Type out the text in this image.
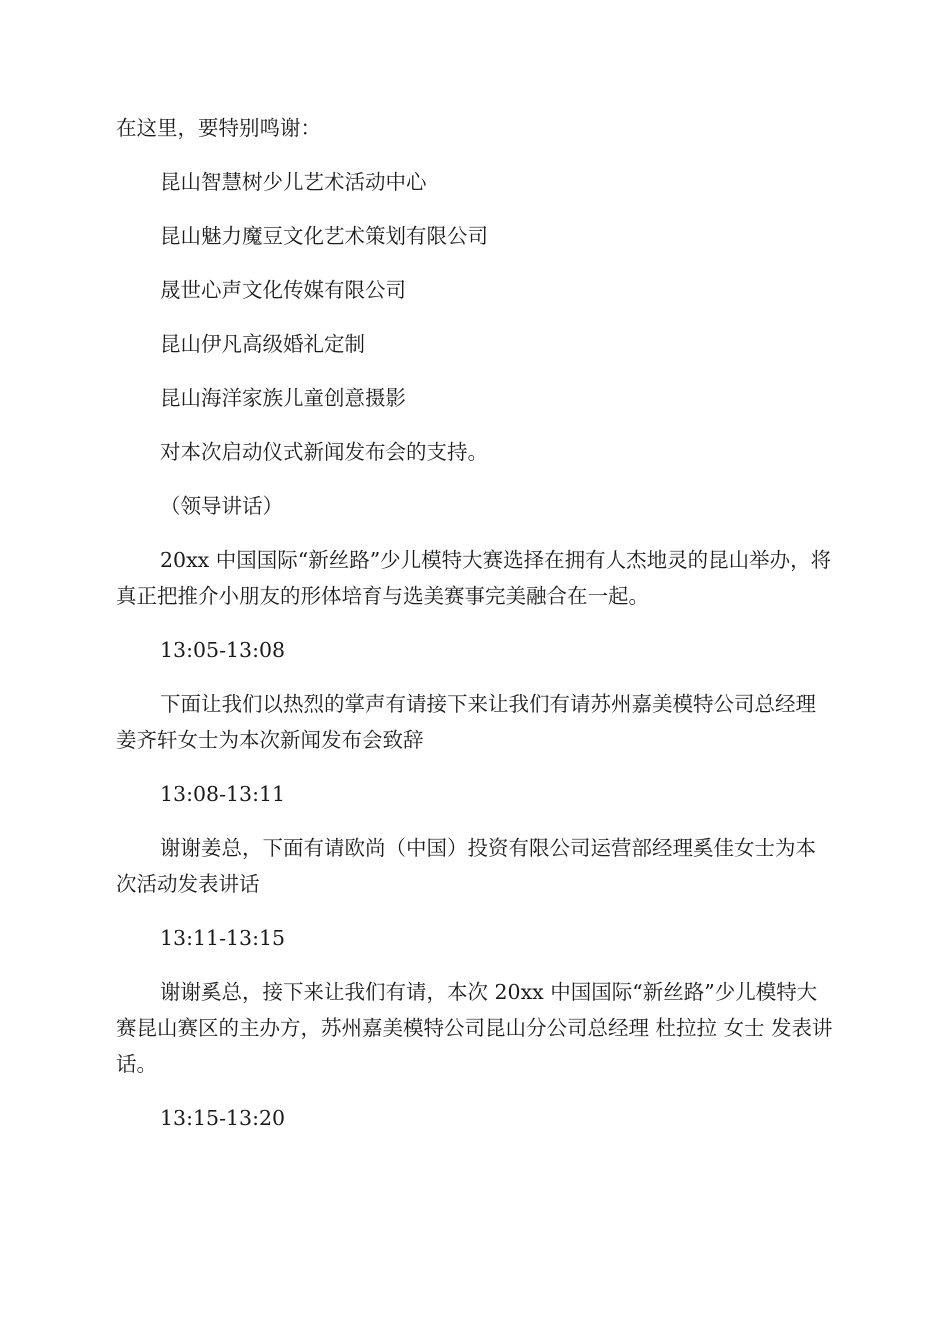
在这里，要特别鸣谢：

昆山智慧树少儿艺术活动中心

昆山魅力魔豆文化艺术策划有限公司

晟世心声文化传媒有限公司

昆山伊凡高级婚礼定制

昆山海洋家族儿童创意摄影

对本次启动仪式新闻发布会的支持。

（领导讲话）

20xx 中国国际“新丝路”少儿模特大赛选择在拥有人杰地灵的昆山举办，将真正把推介小朋友的形体培育与选美赛事完美融合在一起。

13:05-13:08

下面让我们以热烈的掌声有请接下来让我们有请苏州嘉美模特公司总经理姜齐轩女士为本次新闻发布会致辞

13:08-13:11

谢谢姜总，下面有请欧尚（中国）投资有限公司运营部经理奚佳女士为本次活动发表讲话

13:11-13:15

谢谢奚总，接下来让我们有请，本次 20xx 中国国际“新丝路”少儿模特大赛昆山赛区的主办方，苏州嘉美模特公司昆山分公司总经理 杜拉拉 女士 发表讲话。

13:15-13:20
